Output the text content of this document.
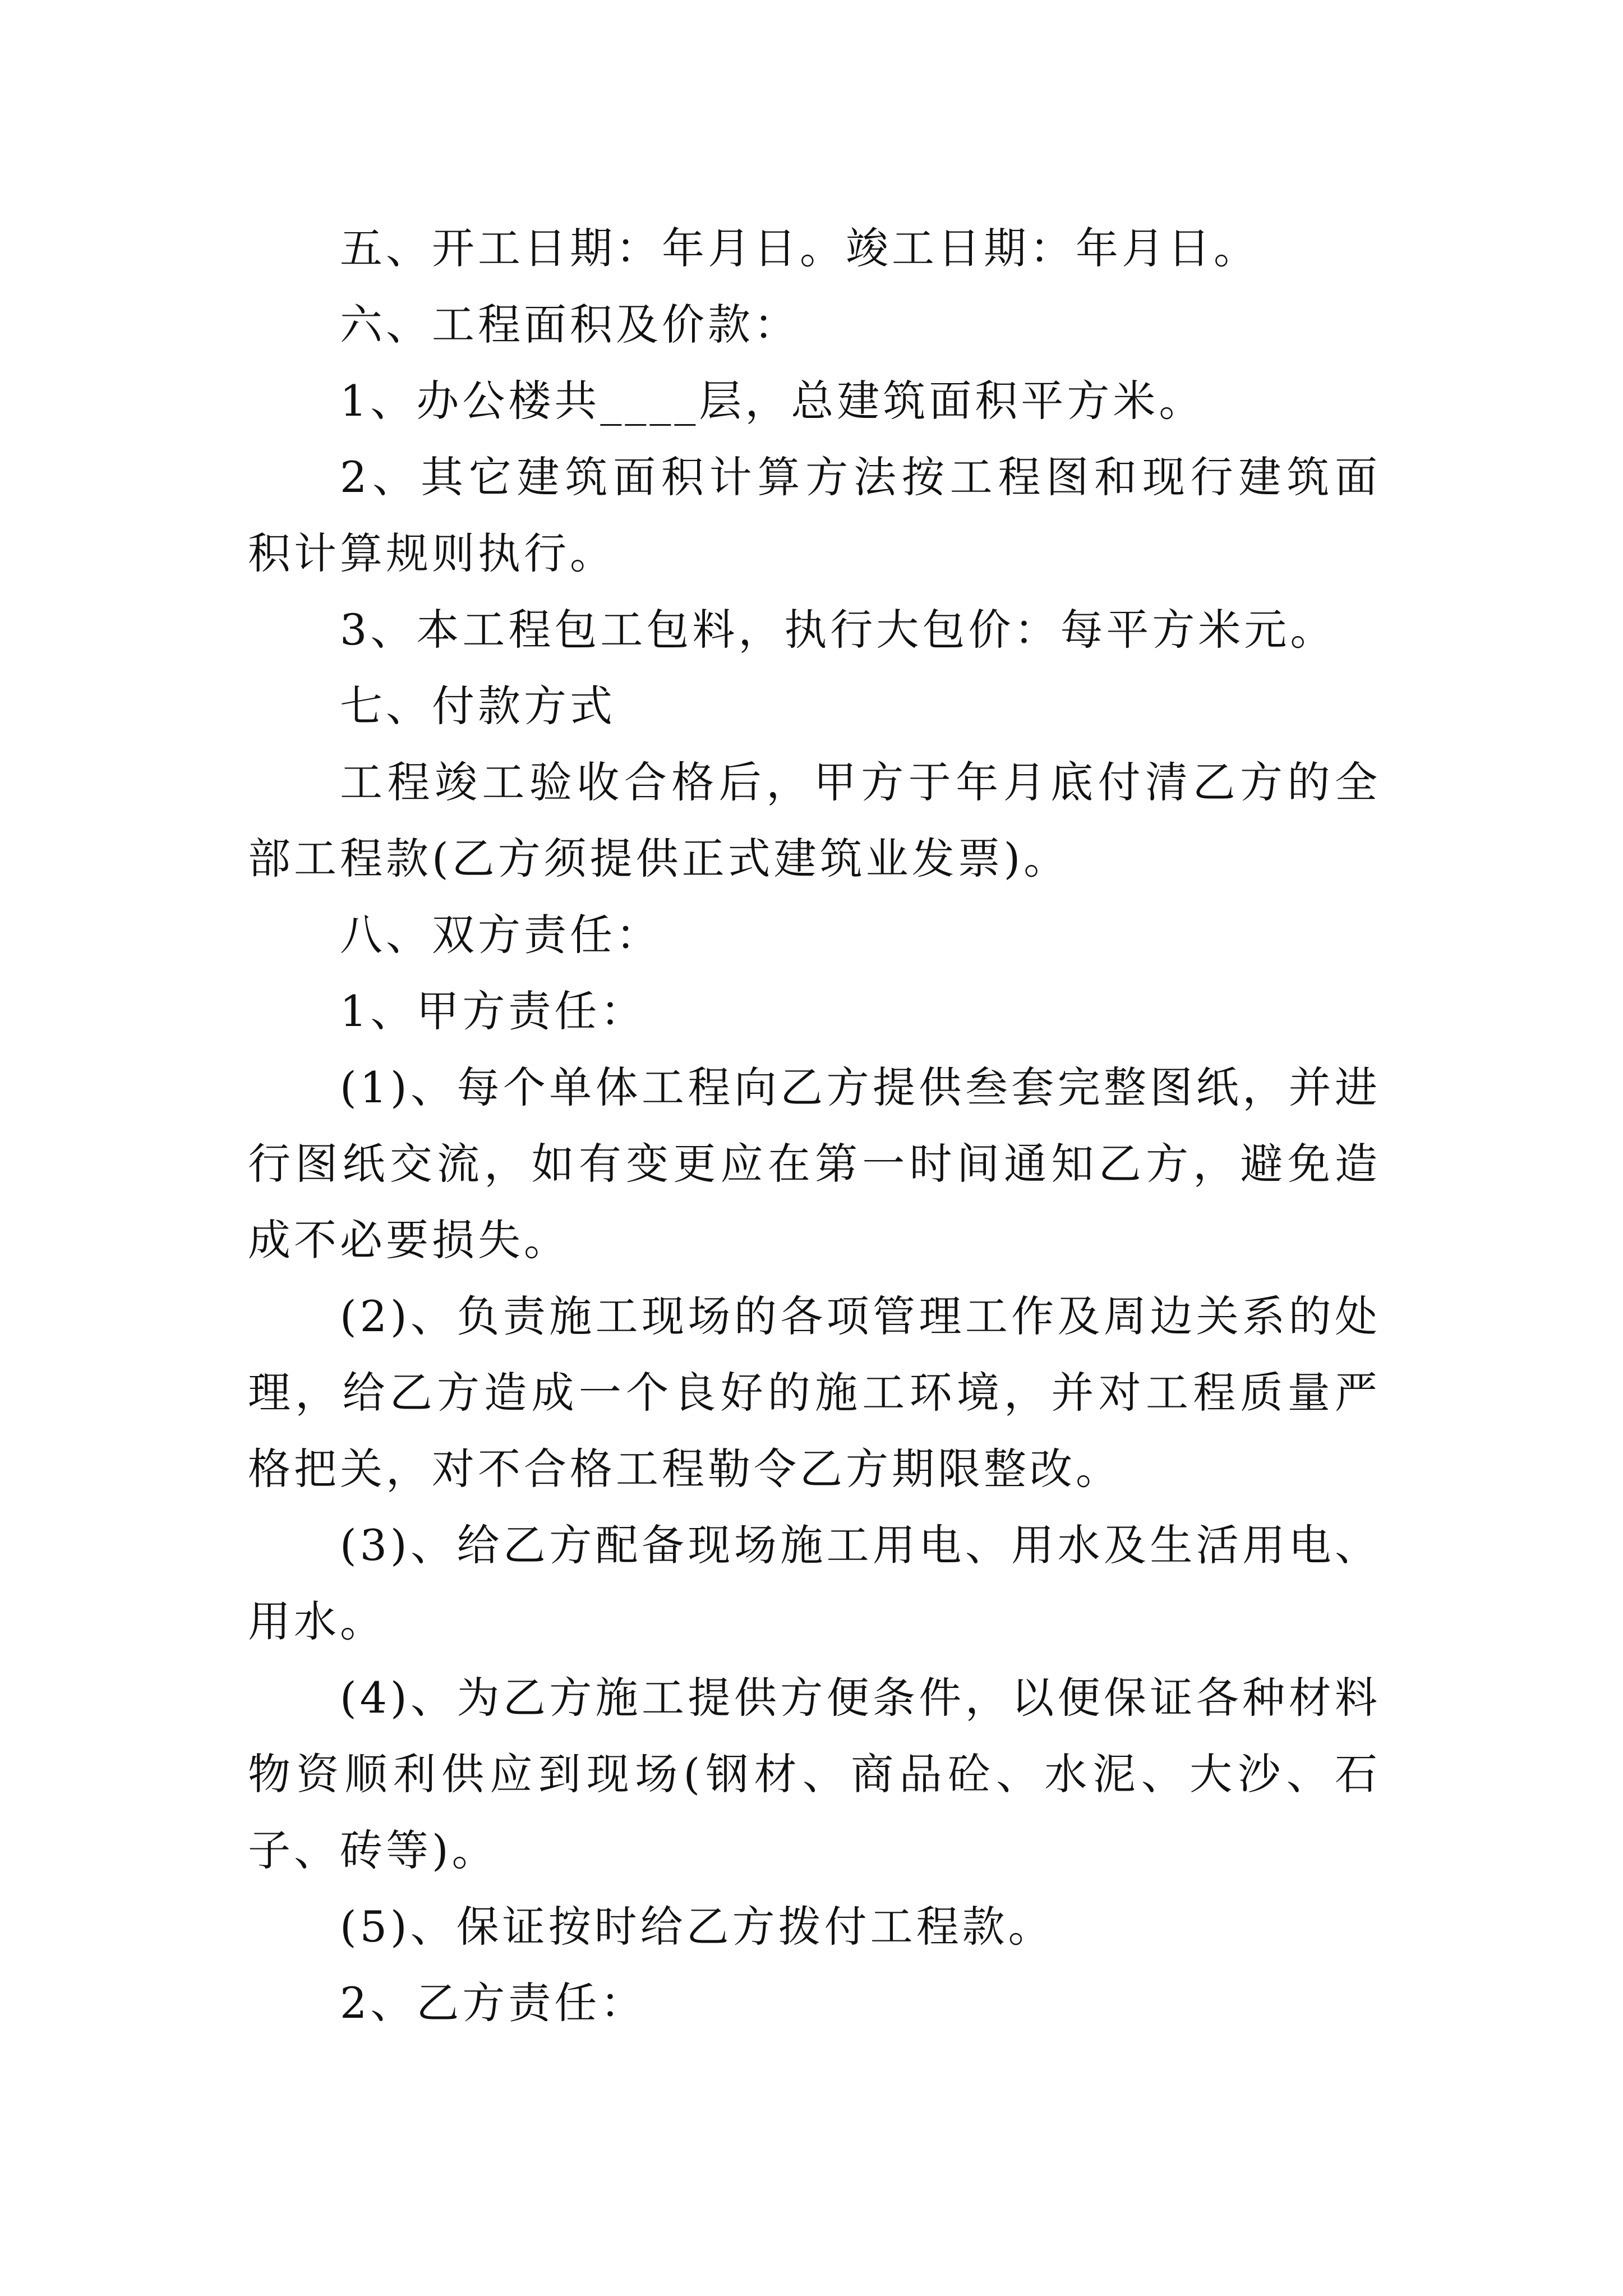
五、开工日期：年月日。竣工日期：年月日。

六、工程面积及价款：

1、办公楼共____层，总建筑面积平方米。

2、其它建筑面积计算方法按工程图和现行建筑面积计算规则执行。

3、本工程包工包料，执行大包价：每平方米元。

七、付款方式

工程竣工验收合格后，甲方于年月底付清乙方的全部工程款(乙方须提供正式建筑业发票)。

八、双方责任：

1、甲方责任：

(1)、每个单体工程向乙方提供叁套完整图纸，并进行图纸交流，如有变更应在第一时间通知乙方，避免造成不必要损失。

(2)、负责施工现场的各项管理工作及周边关系的处理，给乙方造成一个良好的施工环境，并对工程质量严格把关，对不合格工程勒令乙方期限整改。

(3)、给乙方配备现场施工用电、用水及生活用电、用水。

(4)、为乙方施工提供方便条件，以便保证各种材料物资顺利供应到现场(钢材、商品砼、水泥、大沙、石子、砖等)。

(5)、保证按时给乙方拨付工程款。

2、乙方责任：
